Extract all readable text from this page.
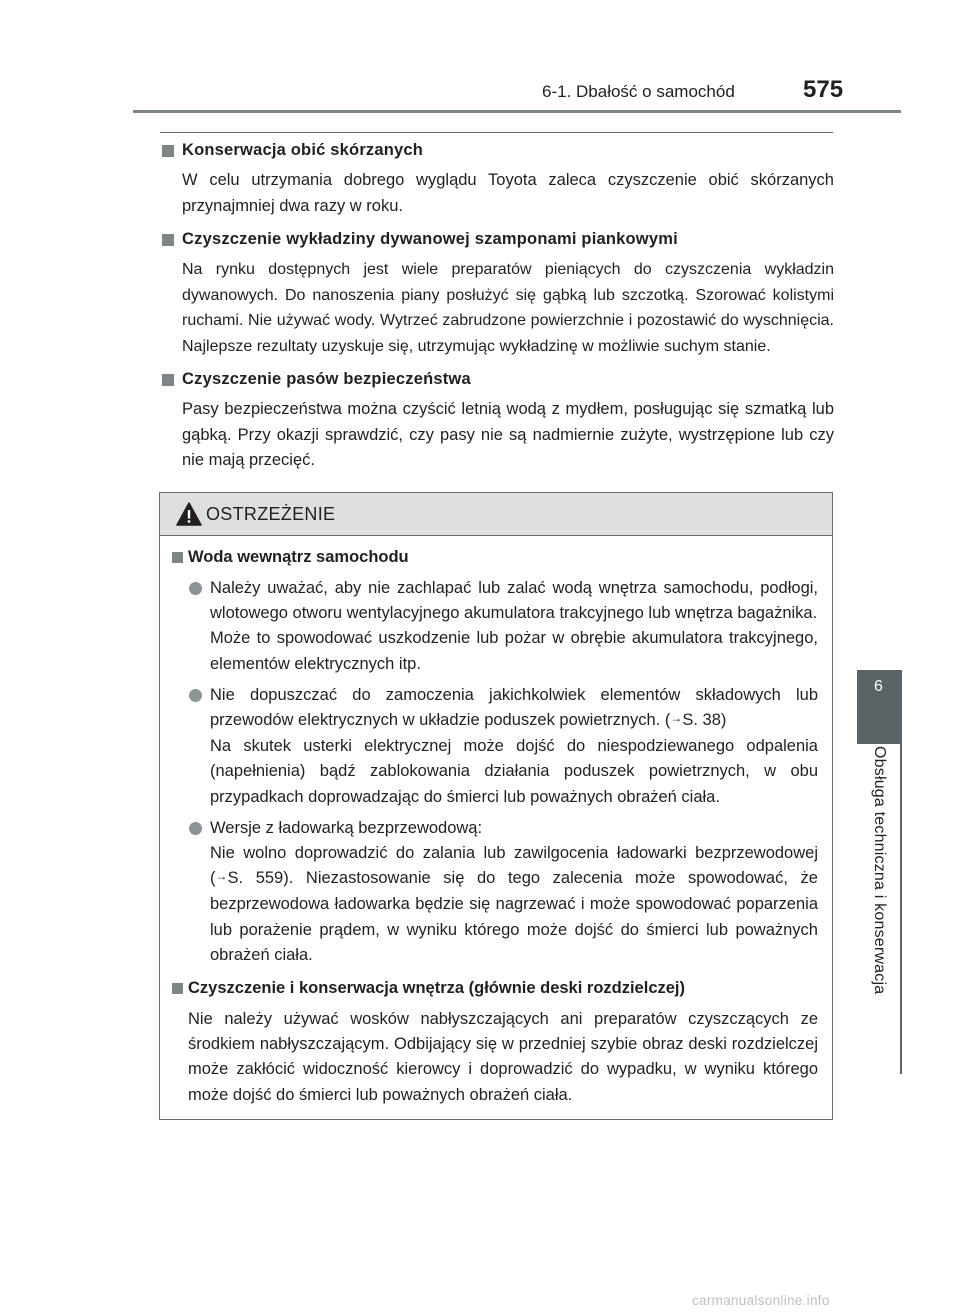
6-1. Dbałość o samochód	575
6
Obsługa techniczna i konserwacja
Konserwacja obić skórzanych
W celu utrzymania dobrego wyglądu Toyota zaleca czyszczenie obić skórzanych przynajmniej dwa razy w roku.
Czyszczenie wykładziny dywanowej szamponami piankowymi
Na rynku dostępnych jest wiele preparatów pieniących do czyszczenia wykładzin dywanowych. Do nanoszenia piany posłużyć się gąbką lub szczotką. Szorować kolistymi ruchami. Nie używać wody. Wytrzeć zabrudzone powierzchnie i pozostawić do wyschnięcia. Najlepsze rezultaty uzyskuje się, utrzymując wykładzinę w możliwie suchym stanie.
Czyszczenie pasów bezpieczeństwa
Pasy bezpieczeństwa można czyścić letnią wodą z mydłem, posługując się szmatką lub gąbką. Przy okazji sprawdzić, czy pasy nie są nadmiernie zużyte, wystrzępione lub czy nie mają przecięć.
OSTRZEŻENIE
Woda wewnątrz samochodu
Należy uważać, aby nie zachlapać lub zalać wodą wnętrza samochodu, podłogi, wlotowego otworu wentylacyjnego akumulatora trakcyjnego lub wnętrza bagażnika.
Może to spowodować uszkodzenie lub pożar w obrębie akumulatora trakcyjnego, elementów elektrycznych itp.
Nie dopuszczać do zamoczenia jakichkolwiek elementów składowych lub przewodów elektrycznych w układzie poduszek powietrznych. (→S. 38)
Na skutek usterki elektrycznej może dojść do niespodziewanego odpalenia (napełnienia) bądź zablokowania działania poduszek powietrznych, w obu przypadkach doprowadzając do śmierci lub poważnych obrażeń ciała.
Wersje z ładowarką bezprzewodową:
Nie wolno doprowadzić do zalania lub zawilgocenia ładowarki bezprzewodowej (→S. 559). Niezastosowanie się do tego zalecenia może spowodować, że bezprzewodowa ładowarka będzie się nagrzewać i może spowodować poparzenia lub porażenie prądem, w wyniku którego może dojść do śmierci lub poważnych obrażeń ciała.
Czyszczenie i konserwacja wnętrza (głównie deski rozdzielczej)
Nie należy używać wosków nabłyszczających ani preparatów czyszczących ze środkiem nabłyszczającym. Odbijający się w przedniej szybie obraz deski rozdzielczej może zakłócić widoczność kierowcy i doprowadzić do wypadku, w wyniku którego może dojść do śmierci lub poważnych obrażeń ciała.
carmanualsonline.info
